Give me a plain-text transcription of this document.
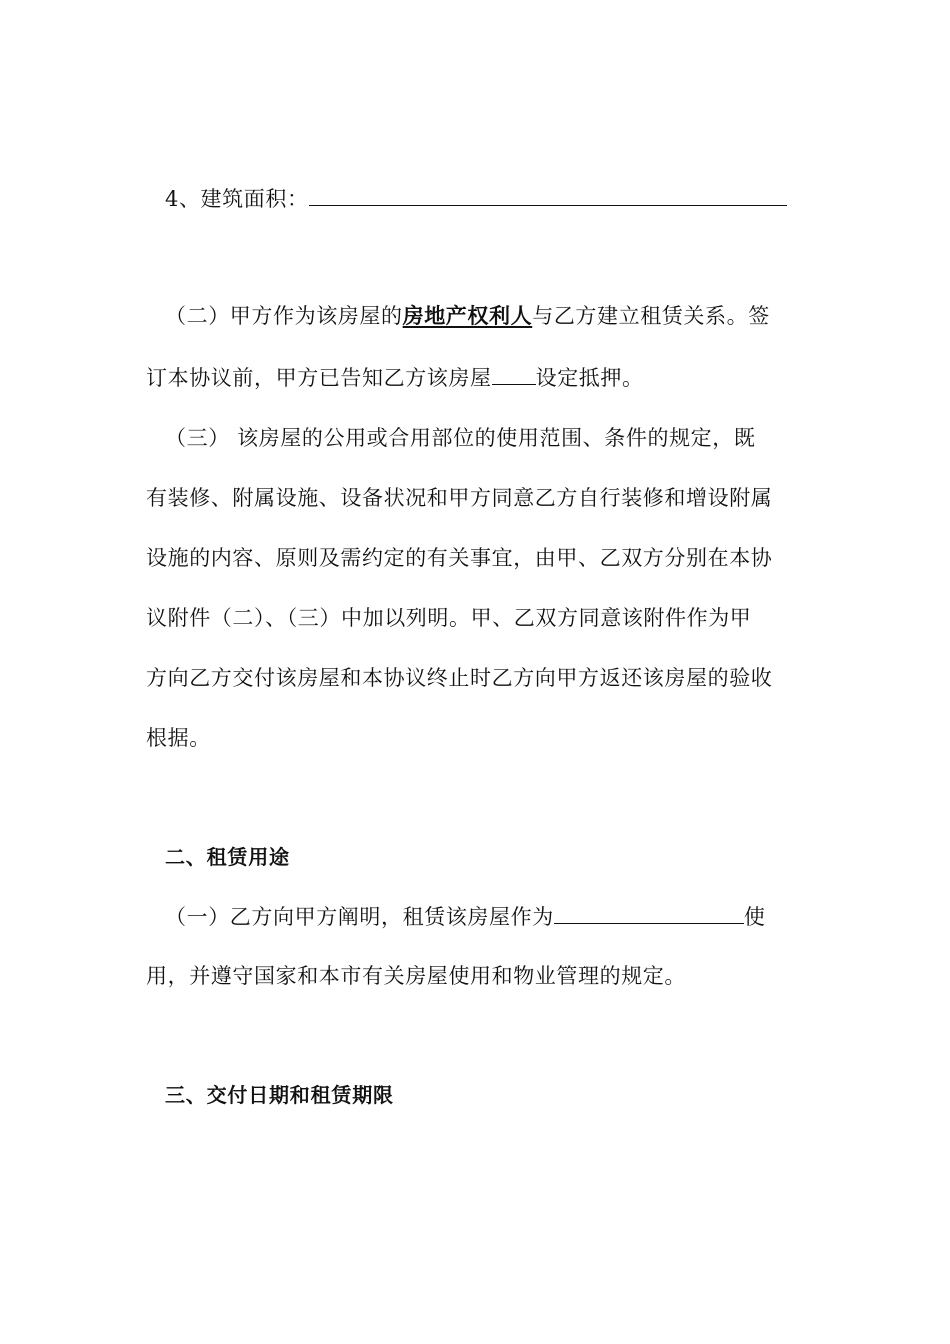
4、建筑面积：
（二）甲方作为该房屋的房地产权利人与乙方建立租赁关系。签
订本协议前，甲方已告知乙方该房屋 设定抵押。
（三） 该房屋的公用或合用部位的使用范围、条件的规定，既
有装修、附属设施、设备状况和甲方同意乙方自行装修和增设附属
设施的内容、原则及需约定的有关事宜，由甲、乙双方分别在本协
议附件（二）、（三）中加以列明。甲、乙双方同意该附件作为甲
方向乙方交付该房屋和本协议终止时乙方向甲方返还该房屋的验收
根据。
二、租赁用途
（一）乙方向甲方阐明，租赁该房屋作为	使
用，并遵守国家和本市有关房屋使用和物业管理的规定。
三、交付日期和租赁期限
